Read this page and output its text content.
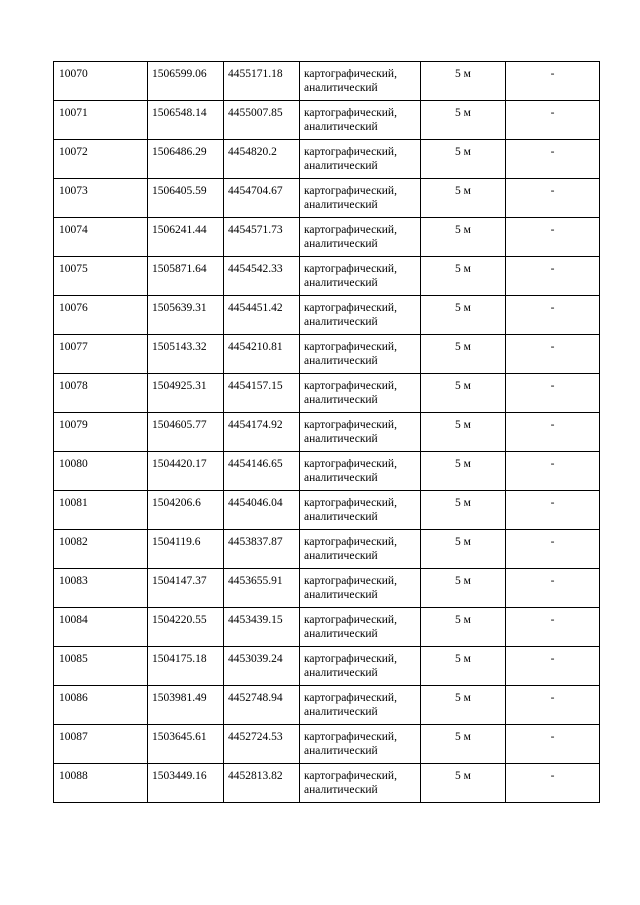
10070	1506599.06	4455171.18	картографический, аналитический	5 м	-
10071	1506548.14	4455007.85	картографический, аналитический	5 м	-
10072	1506486.29	4454820.2	картографический, аналитический	5 м	-
10073	1506405.59	4454704.67	картографический, аналитический	5 м	-
10074	1506241.44	4454571.73	картографический, аналитический	5 м	-
10075	1505871.64	4454542.33	картографический, аналитический	5 м	-
10076	1505639.31	4454451.42	картографический, аналитический	5 м	-
10077	1505143.32	4454210.81	картографический, аналитический	5 м	-
10078	1504925.31	4454157.15	картографический, аналитический	5 м	-
10079	1504605.77	4454174.92	картографический, аналитический	5 м	-
10080	1504420.17	4454146.65	картографический, аналитический	5 м	-
10081	1504206.6	4454046.04	картографический, аналитический	5 м	-
10082	1504119.6	4453837.87	картографический, аналитический	5 м	-
10083	1504147.37	4453655.91	картографический, аналитический	5 м	-
10084	1504220.55	4453439.15	картографический, аналитический	5 м	-
10085	1504175.18	4453039.24	картографический, аналитический	5 м	-
10086	1503981.49	4452748.94	картографический, аналитический	5 м	-
10087	1503645.61	4452724.53	картографический, аналитический	5 м	-
10088	1503449.16	4452813.82	картографический, аналитический	5 м	-
